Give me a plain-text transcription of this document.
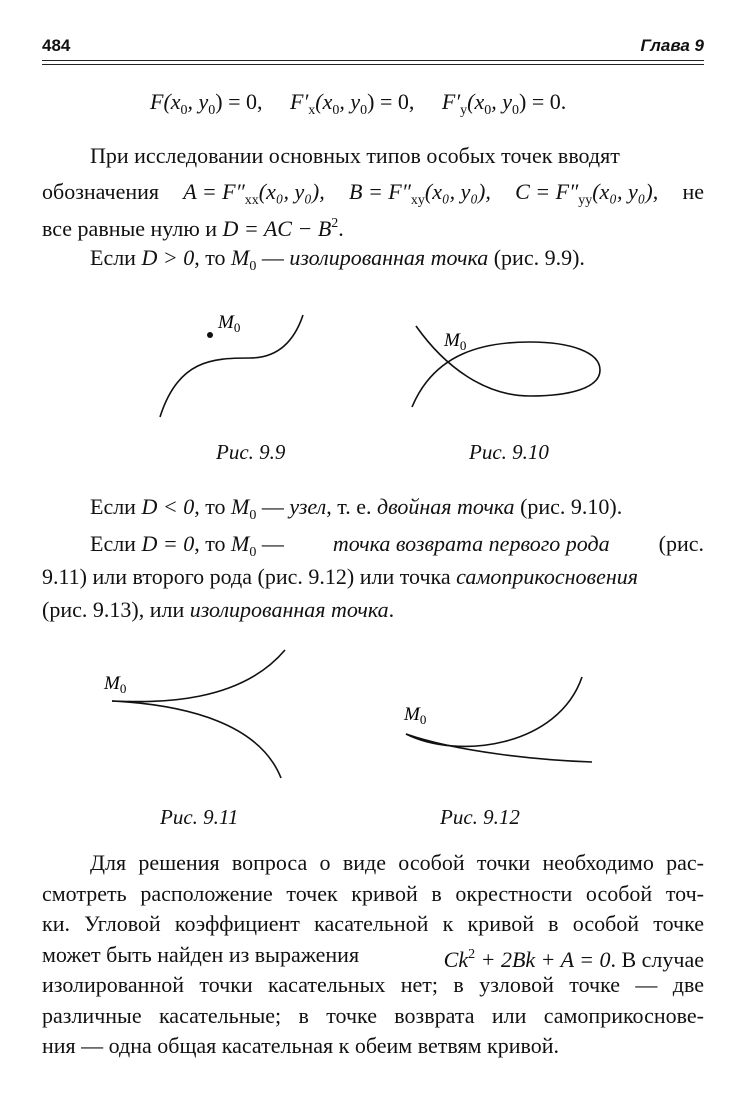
484	Глава 9
$F(x_0$, $y_0) = 0$, $F'_x(x_0$, $y_0) = 0$, $F'_y(x_0$, $y_0) = 0$.
При исследовании основных типов особых точек вводят
обозначения $A = F''_{xx}(x_0$, y₀), $B = F''_{xy}(x_0$, y₀), $C = F''_{yy}(x_0$, y₀), не
все равные нулю и D = AC − $B^2$.
Если D > 0, то $M_0$ — изолированная точка (рис. 9.9).
$M_0$
Рис. 9.9
$M_0$
Рис. 9.10
Если D < 0, то $M_0$ — узел, т. е. двойная точка (рис. 9.10).
Если D = 0, то $M_0$ — точка возврата первого рода (рис.
9.11) или второго рода (рис. 9.12) или точка самоприкосновения
(рис. 9.13), или изолированная точка.
$M_0$
Рис. 9.11
$M_0$
Рис. 9.12
Для решения вопроса о виде особой точки необходимо рас-
смотреть расположение точек кривой в окрестности особой точ-
ки. Угловой коэффициент касательной к кривой в особой точке
может быть найден из выражения	$Ck^2 + 2Bk + A = 0$. В случае
изолированной точки касательных нет; в узловой точке — две
различные касательные; в точке возврата или самоприкоснове-
ния — одна общая касательная к обеим ветвям кривой.
